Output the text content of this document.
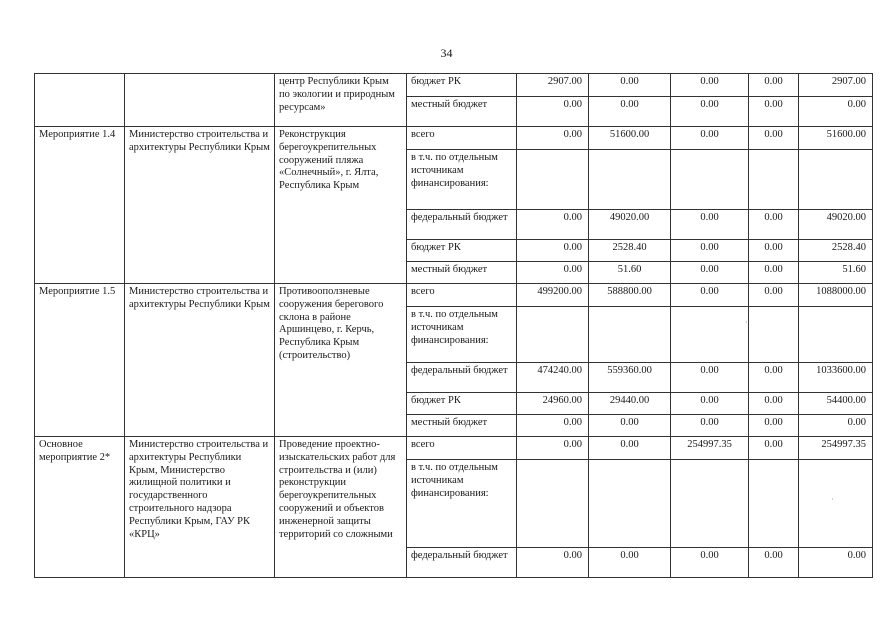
34
		центр Республики Крым по экологии и природным ресурсам»	бюджет РК	2907.00	0.00	0.00	0.00	2907.00
			местный бюджет	0.00	0.00	0.00	0.00	0.00
Мероприятие 1.4	Министерство строительства и архитектуры Республики Крым	Реконструкция берегоукрепительных сооружений пляжа «Солнечный», г. Ялта, Республика Крым	всего	0.00	51600.00	0.00	0.00	51600.00
			в т.ч. по отдельным источникам финансирования:					
			федеральный бюджет	0.00	49020.00	0.00	0.00	49020.00
			бюджет РК	0.00	2528.40	0.00	0.00	2528.40
			местный бюджет	0.00	51.60	0.00	0.00	51.60
Мероприятие 1.5	Министерство строительства и архитектуры Республики Крым	Противооползневые сооружения берегового склона в районе Аршинцево, г. Керчь, Республика Крым (строительство)	всего	499200.00	588800.00	0.00	0.00	1088000.00
			в т.ч. по отдельным источникам финансирования:					
			федеральный бюджет	474240.00	559360.00	0.00	0.00	1033600.00
			бюджет РК	24960.00	29440.00	0.00	0.00	54400.00
			местный бюджет	0.00	0.00	0.00	0.00	0.00
Основное мероприятие 2*	Министерство строительства и архитектуры Республики Крым, Министерство жилищной политики и государственного строительного надзора Республики Крым, ГАУ РК «КРЦ»	Проведение проектно-изыскательских работ для строительства и (или) реконструкции берегоукрепительных сооружений и объектов инженерной защиты территорий со сложными	всего	0.00	0.00	254997.35	0.00	254997.35
			в т.ч. по отдельным источникам финансирования:					
			федеральный бюджет	0.00	0.00	0.00	0.00	0.00
·
·
